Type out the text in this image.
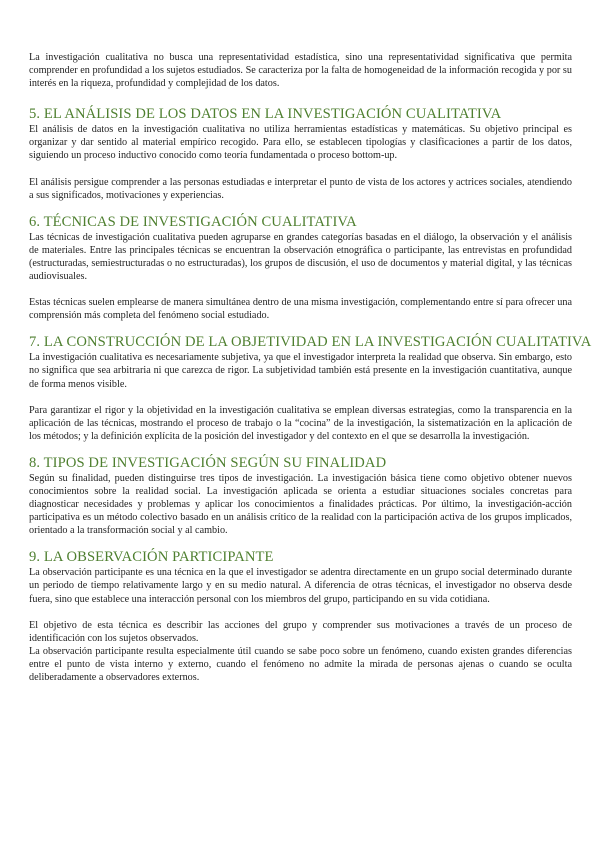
La investigación cualitativa no busca una representatividad estadística, sino una representatividad significativa que permita comprender en profundidad a los sujetos estudiados. Se caracteriza por la falta de homogeneidad de la información recogida y por su interés en la riqueza, profundidad y complejidad de los datos.

5. EL ANÁLISIS DE LOS DATOS EN LA INVESTIGACIÓN CUALITATIVA

El análisis de datos en la investigación cualitativa no utiliza herramientas estadísticas y matemáticas. Su objetivo principal es organizar y dar sentido al material empírico recogido. Para ello, se establecen tipologías y clasificaciones a partir de los datos, siguiendo un proceso inductivo conocido como teoría fundamentada o proceso bottom-up.

El análisis persigue comprender a las personas estudiadas e interpretar el punto de vista de los actores y actrices sociales, atendiendo a sus significados, motivaciones y experiencias.

6. TÉCNICAS DE INVESTIGACIÓN CUALITATIVA

Las técnicas de investigación cualitativa pueden agruparse en grandes categorías basadas en el diálogo, la observación y el análisis de materiales. Entre las principales técnicas se encuentran la observación etnográfica o participante, las entrevistas en profundidad (estructuradas, semiestructuradas o no estructuradas), los grupos de discusión, el uso de documentos y material digital, y las técnicas audiovisuales.

Estas técnicas suelen emplearse de manera simultánea dentro de una misma investigación, complementando entre sí para ofrecer una comprensión más completa del fenómeno social estudiado.

7. LA CONSTRUCCIÓN DE LA OBJETIVIDAD EN LA INVESTIGACIÓN CUALITATIVA

La investigación cualitativa es necesariamente subjetiva, ya que el investigador interpreta la realidad que observa. Sin embargo, esto no significa que sea arbitraria ni que carezca de rigor. La subjetividad también está presente en la investigación cuantitativa, aunque de forma menos visible.

Para garantizar el rigor y la objetividad en la investigación cualitativa se emplean diversas estrategias, como la transparencia en la aplicación de las técnicas, mostrando el proceso de trabajo o la “cocina” de la investigación, la sistematización en la aplicación de los métodos; y la definición explícita de la posición del investigador y del contexto en el que se desarrolla la investigación.

8. TIPOS DE INVESTIGACIÓN SEGÚN SU FINALIDAD

Según su finalidad, pueden distinguirse tres tipos de investigación. La investigación básica tiene como objetivo obtener nuevos conocimientos sobre la realidad social. La investigación aplicada se orienta a estudiar situaciones sociales concretas para diagnosticar necesidades y problemas y aplicar los conocimientos a finalidades prácticas. Por último, la investigación-acción participativa es un método colectivo basado en un análisis crítico de la realidad con la participación activa de los grupos implicados, orientado a la transformación social y al cambio.

9. LA OBSERVACIÓN PARTICIPANTE

La observación participante es una técnica en la que el investigador se adentra directamente en un grupo social determinado durante un periodo de tiempo relativamente largo y en su medio natural. A diferencia de otras técnicas, el investigador no observa desde fuera, sino que establece una interacción personal con los miembros del grupo, participando en su vida cotidiana.

El objetivo de esta técnica es describir las acciones del grupo y comprender sus motivaciones a través de un proceso de identificación con los sujetos observados.

La observación participante resulta especialmente útil cuando se sabe poco sobre un fenómeno, cuando existen grandes diferencias entre el punto de vista interno y externo, cuando el fenómeno no admite la mirada de personas ajenas o cuando se oculta deliberadamente a observadores externos.
